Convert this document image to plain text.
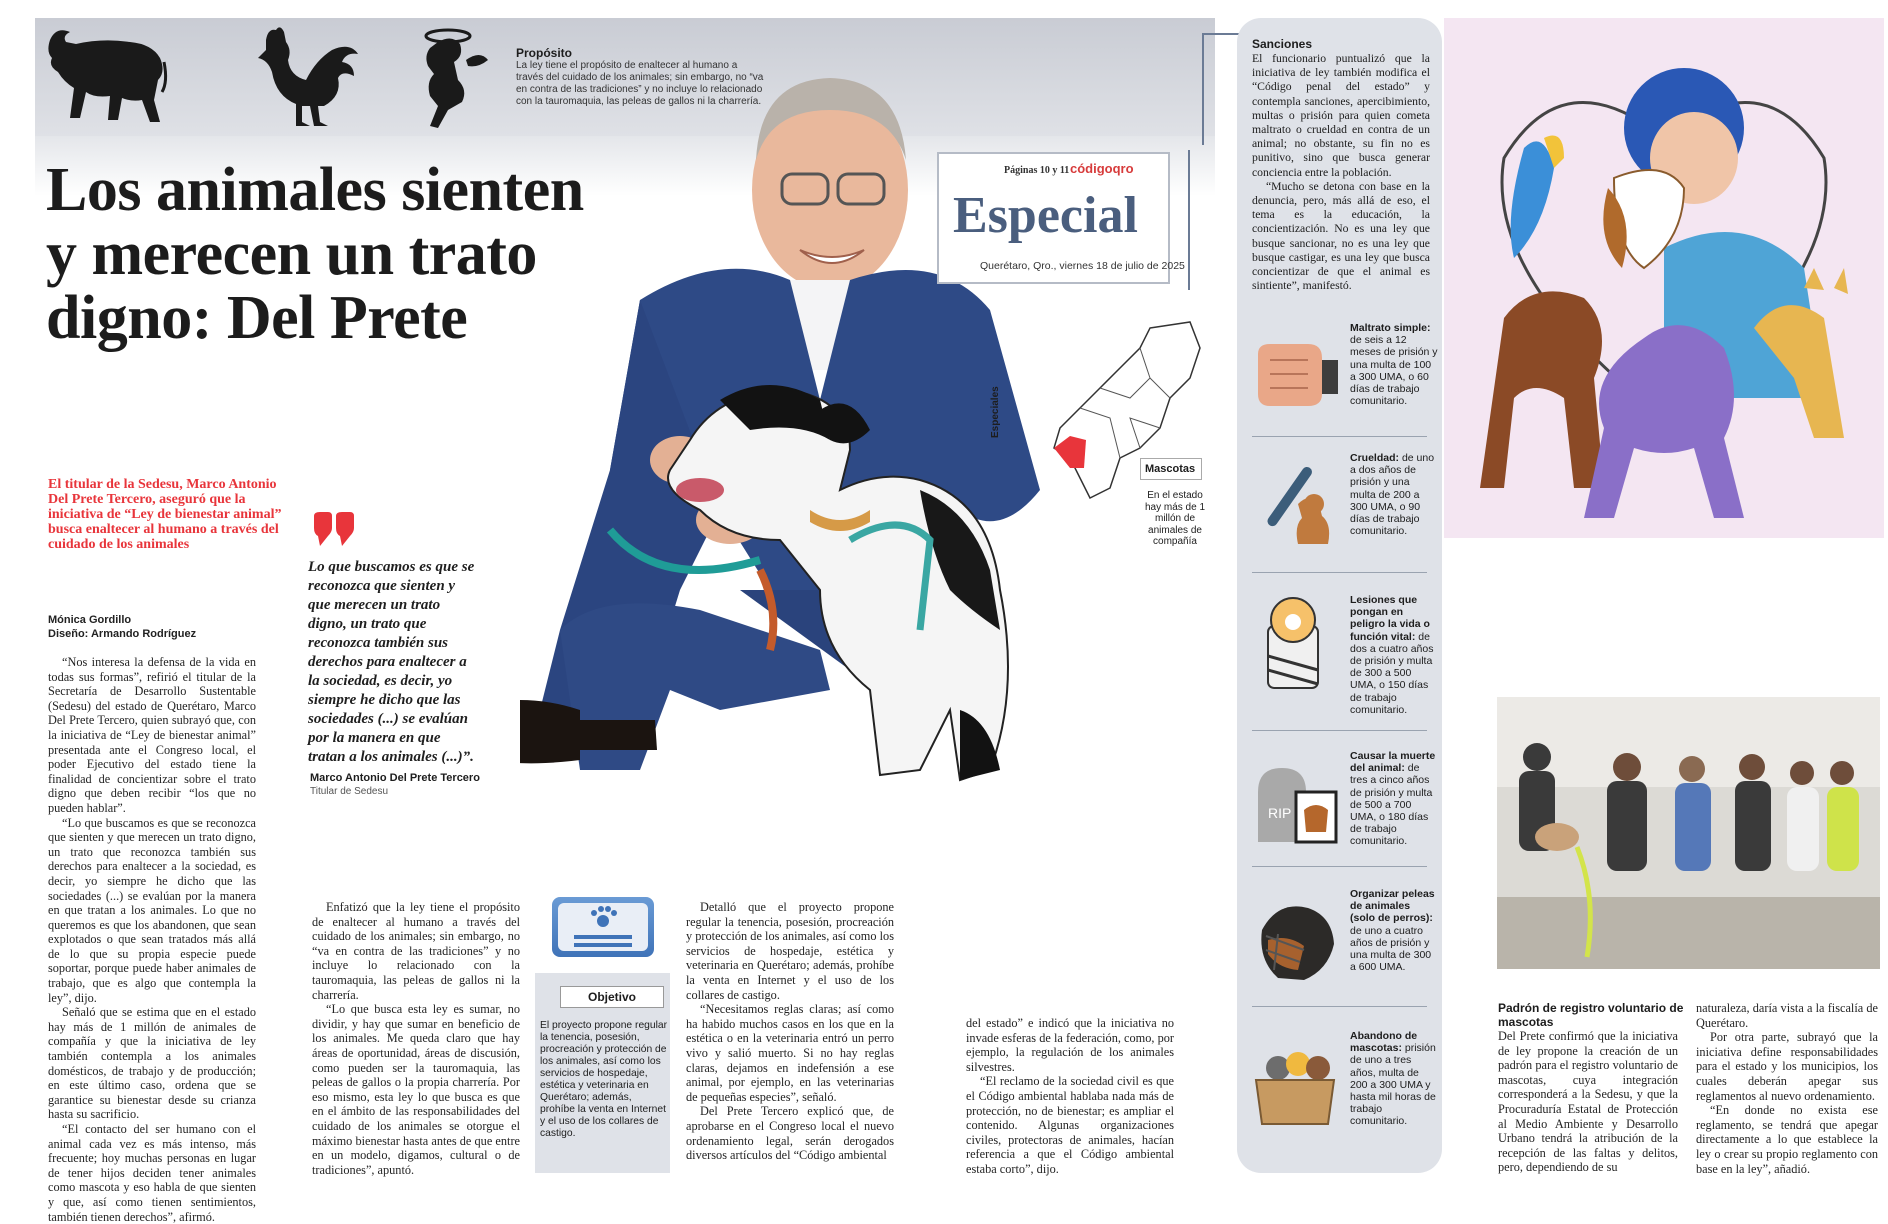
Propósito
La ley tiene el propósito de enaltecer al humano a través del cuidado de los animales; sin embargo, no “va en contra de las tradiciones” y no incluye lo relacionado con la tauromaquia, las peleas de gallos ni la charrería.
Los animales sienten y merecen un trato digno: Del Prete
El titular de la Sedesu, Marco Antonio Del Prete Tercero, aseguró que la iniciativa de “Ley de bienestar animal” busca enaltecer al humano a través del cuidado de los animales
Mónica Gordillo
Diseño: Armando Rodríguez

“Nos interesa la defensa de la vida en todas sus formas”, refirió el titular de la Secretaría de Desarrollo Sustentable (Sedesu) del estado de Querétaro, Marco Del Prete Tercero, quien subrayó que, con la iniciativa de “Ley de bienestar animal” presentada ante el Congreso local, el poder Ejecutivo del estado tiene la finalidad de concientizar sobre el trato digno que deben recibir “los que no pueden hablar”.

“Lo que buscamos es que se reconozca que sienten y que merecen un trato digno, un trato que reconozca también sus derechos para enaltecer a la sociedad, es decir, yo siempre he dicho que las sociedades (...) se evalúan por la manera en que tratan a los animales. Lo que no queremos es que los abandonen, que sean explotados o que sean tratados más allá de lo que su propia especie puede soportar, porque puede haber animales de trabajo, que es algo que contempla la ley”, dijo.

Señaló que se estima que en el estado hay más de 1 millón de animales de compañía y que la iniciativa de ley también contempla a los animales domésticos, de trabajo y de producción; en este último caso, ordena que se garantice su bienestar desde su crianza hasta su sacrificio.

“El contacto del ser humano con el animal cada vez es más intenso, más frecuente; hoy muchas personas en lugar de tener hijos deciden tener animales como mascota y eso habla de que sienten y que, así como tienen sentimientos, también tienen derechos”, afirmó.

Lo que buscamos es que se reconozca que sienten y que merecen un trato digno, un trato que reconozca también sus derechos para enaltecer a la sociedad, es decir, yo siempre he dicho que las sociedades (...) se evalúan por la manera en que tratan a los animales (...)”.
Marco Antonio Del Prete Tercero
Titular de Sedesu
Páginas 10 y 11 códigoqro
Especial
Querétaro, Qro., viernes 18 de julio de 2025
Especiales
Mascotas
En el estado hay más de 1 millón de animales de compañía

Enfatizó que la ley tiene el propósito de enaltecer al humano a través del cuidado de los animales; sin embargo, no “va en contra de las tradiciones” y no incluye lo relacionado con la tauromaquia, las peleas de gallos ni la charrería.

“Lo que busca esta ley es sumar, no dividir, y hay que sumar en beneficio de los animales. Me queda claro que hay áreas de oportunidad, áreas de discusión, como pueden ser la tauromaquia, las peleas de gallos o la propia charrería. Por eso mismo, esta ley lo que busca es que en el ámbito de las responsabilidades del cuidado de los animales se otorgue el máximo bienestar hasta antes de que entre en un modelo, digamos, cultural o de tradiciones”, apuntó.

Objetivo
El proyecto propone regular la tenencia, posesión, procreación y protección de los animales, así como los servicios de hospedaje, estética y veterinaria en Querétaro; además, prohíbe la venta en Internet y el uso de los collares de castigo.

Detalló que el proyecto propone regular la tenencia, posesión, procreación y protección de los animales, así como los servicios de hospedaje, estética y veterinaria en Querétaro; además, prohíbe la venta en Internet y el uso de los collares de castigo.

“Necesitamos reglas claras; así como ha habido muchos casos en los que en la estética o en la veterinaria entró un perro vivo y salió muerto. Si no hay reglas claras, dejamos en indefensión a ese animal, por ejemplo, en las veterinarias de pequeñas especies”, señaló.

Del Prete Tercero explicó que, de aprobarse en el Congreso local el nuevo ordenamiento legal, serán derogados diversos artículos del “Código ambiental

del estado” e indicó que la iniciativa no invade esferas de la federación, como, por ejemplo, la regulación de los animales silvestres.

“El reclamo de la sociedad civil es que el Código ambiental hablaba nada más de protección, no de bienestar; es ampliar el contenido. Algunas organizaciones civiles, protectoras de animales, hacían referencia a que el Código ambiental estaba corto”, dijo.

Sanciones

El funcionario puntualizó que la iniciativa de ley también modifica el “Código penal del estado” y contempla sanciones, apercibimiento, multas o prisión para quien cometa maltrato o crueldad en contra de un animal; no obstante, su fin no es punitivo, sino que busca generar conciencia entre la población.

“Mucho se detona con base en la denuncia, pero, más allá de eso, el tema es la educación, la concientización. No es una ley que busque sancionar, no es una ley que busque castigar, es una ley que busca concientizar de que el animal es sintiente”, manifestó.

Maltrato simple: de seis a 12 meses de prisión y una multa de 100 a 300 UMA, o 60 días de trabajo comunitario.
Crueldad: de uno a dos años de prisión y una multa de 200 a 300 UMA, o 90 días de trabajo comunitario.
Lesiones que pongan en peligro la vida o función vital: de dos a cuatro años de prisión y multa de 300 a 500 UMA, o 150 días de trabajo comunitario.
RIP
Causar la muerte del animal: de tres a cinco años de prisión y multa de 500 a 700 UMA, o 180 días de trabajo comunitario.
Organizar peleas de animales (solo de perros): de uno a cuatro años de prisión y una multa de 300 a 600 UMA.
Abandono de mascotas: prisión de uno a tres años, multa de 200 a 300 UMA y hasta mil horas de trabajo comunitario.
Padrón de registro voluntario de mascotas

Del Prete confirmó que la iniciativa de ley propone la creación de un padrón para el registro voluntario de mascotas, cuya integración corresponderá a la Sedesu, y que la Procuraduría Estatal de Protección al Medio Ambiente y Desarrollo Urbano tendrá la atribución de la recepción de las faltas y delitos, pero, dependiendo de su

naturaleza, daría vista a la fiscalía de Querétaro.

Por otra parte, subrayó que la iniciativa define responsabilidades para el estado y los municipios, los cuales deberán apegar sus reglamentos al nuevo ordenamiento.

“En donde no exista ese reglamento, se tendrá que apegar directamente a lo que establece la ley o crear su propio reglamento con base en la ley”, añadió.
